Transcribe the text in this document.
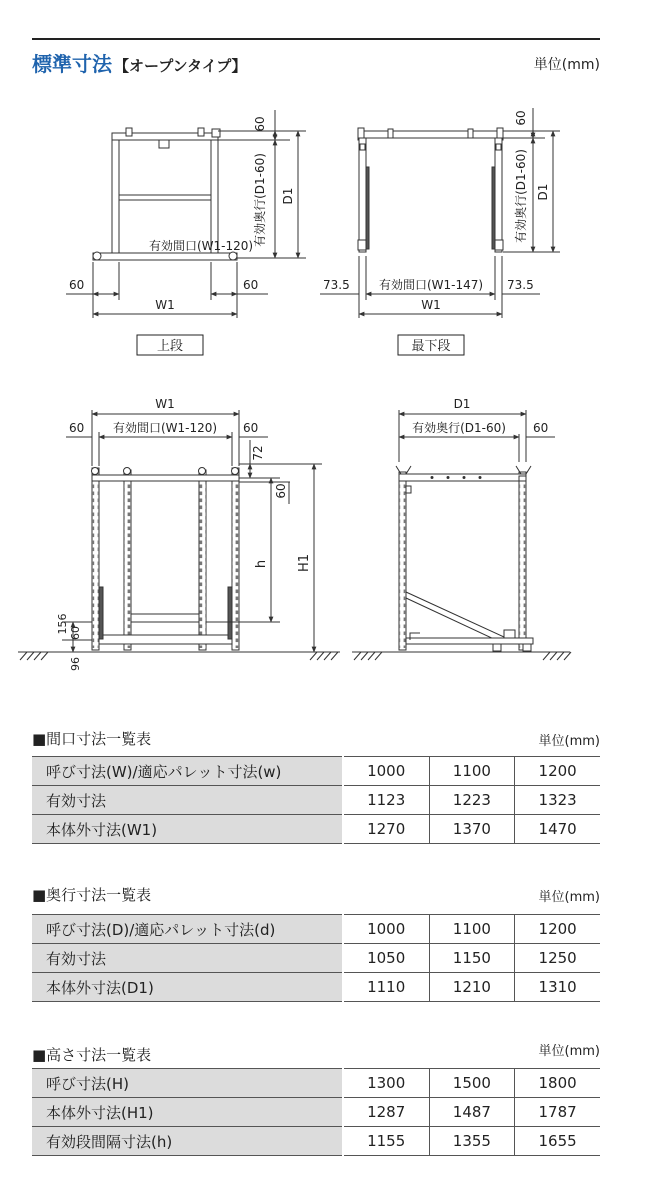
標準寸法 【オープンタイプ】	単位(mm)
60
有効奥行(D1-60) D1
有効間口(W1-120)
60	60
W1
上段
60
有効奥行(D1-60) D1
73.5 有効間口(W1-147) 73.5
W1
最下段
W1
60 有効間口(W1-120) 60
72
60
h H1
156 60
96
D1
有効奥行(D1-60) 60
■間口寸法一覧表	単位(mm)
呼び寸法(W)/適応パレット寸法(w)	1000	1100	1200
有効寸法	1123	1223	1323
本体外寸法(W1)	1270	1370	1470
■奥行寸法一覧表	単位(mm)
呼び寸法(D)/適応パレット寸法(d)	1000	1100	1200
有効寸法	1050	1150	1250
本体外寸法(D1)	1110	1210	1310
■高さ寸法一覧表	単位(mm)
呼び寸法(H)	1300	1500	1800
本体外寸法(H1)	1287	1487	1787
有効段間隔寸法(h)	1155	1355	1655
